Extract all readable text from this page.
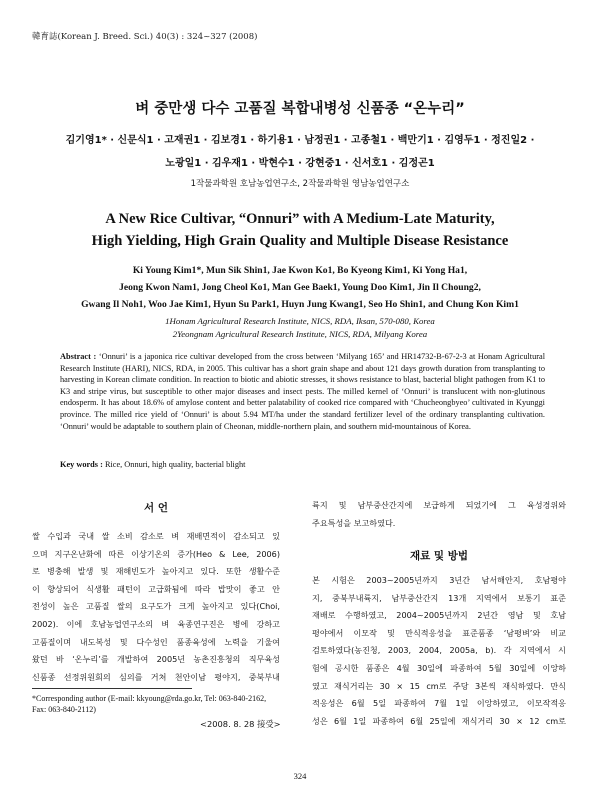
韓育誌(Korean J. Breed. Sci.) 40(3) : 324~327 (2008)
벼 중만생 다수 고품질 복합내병성 신품종 “온누리”
김기영1* · 신문식1 · 고재권1 · 김보경1 · 하기용1 · 남정권1 · 고종철1 · 백만기1 · 김영두1 · 정진일2 ·
노광일1 · 김우재1 · 박현수1 · 강현중1 · 신서호1 · 김정곤1
1작물과학원 호남농업연구소, 2작물과학원 영남농업연구소
A New Rice Cultivar, “Onnuri” with A Medium-Late Maturity,
High Yielding, High Grain Quality and Multiple Disease Resistance
Ki Young Kim1*, Mun Sik Shin1, Jae Kwon Ko1, Bo Kyeong Kim1, Ki Yong Ha1,
Jeong Kwon Nam1, Jong Cheol Ko1, Man Gee Baek1, Young Doo Kim1, Jin Il Choung2,
Gwang Il Noh1, Woo Jae Kim1, Hyun Su Park1, Huyn Jung Kwang1, Seo Ho Shin1, and Chung Kon Kim1
1Honam Agricultural Research Institute, NICS, RDA, Iksan, 570-080, Korea
2Yeongnam Agricultural Research Institute, NICS, RDA, Milyang Korea
Abstract : ‘Onnuri’ is a japonica rice cultivar developed from the cross between ‘Milyang 165’ and HR14732-B-67-2-3 at Honam Agricultural Research Institute (HARI), NICS, RDA, in 2005. This cultivar has a short grain shape and about 121 days growth duration from transplanting to harvesting in Korean climate condition. In reaction to biotic and abiotic stresses, it shows resistance to blast, bacterial blight pathogen from K1 to K3 and stripe virus, but susceptible to other major diseases and insect pests. The milled kernel of ‘Onnuri’ is translucent with non-glutinous endosperm. It has about 18.6% of amylose content and better palatability of cooked rice compared with ‘Chucheongbyeo’ cultivated in Kyunggi province. The milled rice yield of ‘Onnuri’ is about 5.94 MT/ha under the standard fertilizer level of the ordinary transplanting cultivation. ‘Onnuri’ would be adaptable to southern plain of Cheonan, middle-northern plain, and southern mid-mountainous of Korea.
Key words : Rice, Onnuri, high quality, bacterial blight
서 언
쌀 수입과 국내 쌀 소비 감소로 벼 재배면적이 감소되고 있
으며 지구온난화에 따른 이상기온의 증가(Heo & Lee, 2006)
로 병충해 발생 및 재해빈도가 높아지고 있다. 또한 생활수준
이 향상되어 식생활 패턴이 고급화됨에 따라 밥맛이 좋고 안
전성이 높은 고품질 쌀의 요구도가 크게 높아지고 있다(Choi,
2002). 이에 호남농업연구소의 벼 육종연구진은 병에 강하고
고품질이며 내도복성 및 다수성인 품종육성에 노력을 기울여
왔던 바 ‘온누리’를 개발하여 2005년 농촌진흥청의 직무육성
신품종 선정위원회의 심의를 거쳐 천안이남 평야지, 중북부내
*Corresponding author (E-mail: kkyoung@rda.go.kr, Tel: 063-840-2162, Fax: 063-840-2112)
<2008. 8. 28 接受>
륙지 및 남부중산간지에 보급하게 되었기에 그 육성경위와
주요특성을 보고하였다.
재료 및 방법
본 시험은 2003~2005년까지 3년간 남서해안지, 호남평야
지, 중북부내륙지, 남부중산간지 13개 지역에서 보통기 표준
재배로 수행하였고, 2004~2005년까지 2년간 영남 및 호남
평야에서 이모작 및 만식적응성을 표준품종 ‘남평벼’와 비교
검토하였다(농진청, 2003, 2004, 2005a, b). 각 지역에서 시
험에 공시한 품종은 4월 30일에 파종하여 5월 30일에 이앙하
였고 재식거리는 30 × 15 cm로 주당 3본씩 재식하였다. 만식
적응성은 6월 5일 파종하여 7월 1일 이앙하였고, 이모작적응
성은 6월 1일 파종하여 6월 25일에 재식거리 30 × 12 cm로
324
